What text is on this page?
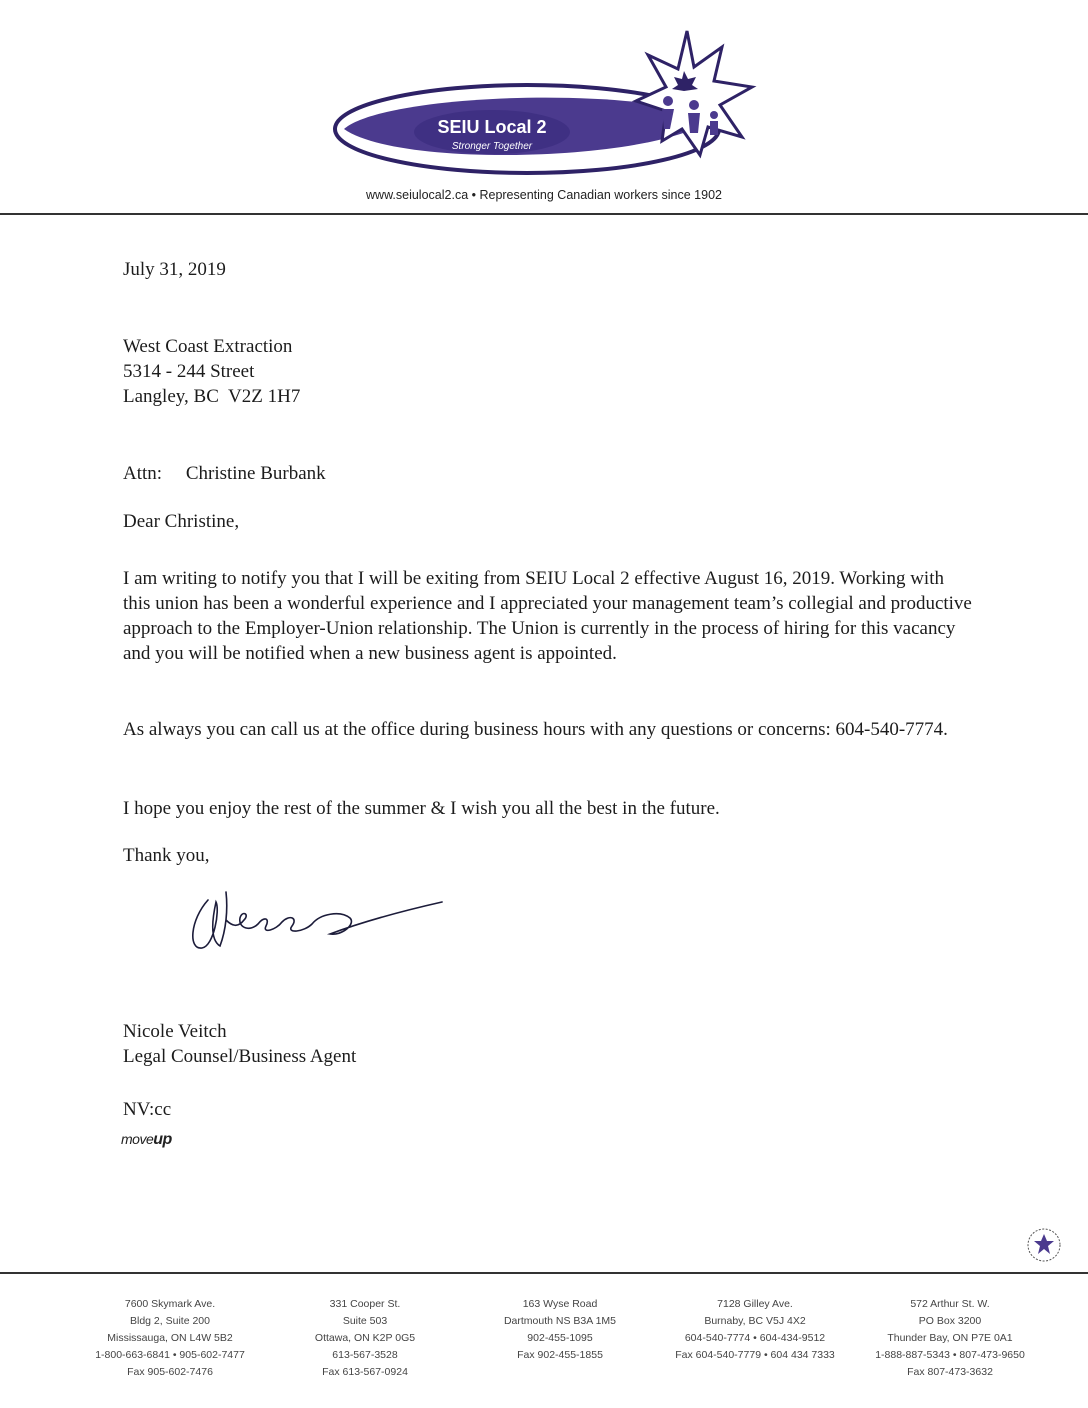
SEIU Local 2
Stronger Together
www.seiulocal2.ca • Representing Canadian workers since 1902
July 31, 2019
West Coast Extraction
5314 - 244 Street
Langley, BC  V2Z 1H7
Attn: Christine Burbank
Dear Christine,
I am writing to notify you that I will be exiting from SEIU Local 2 effective August 16, 2019. Working with this union has been a wonderful experience and I appreciated your management team’s collegial and productive approach to the Employer-Union relationship. The Union is currently in the process of hiring for this vacancy and you will be notified when a new business agent is appointed.
As always you can call us at the office during business hours with any questions or concerns: 604-540-7774.
I hope you enjoy the rest of the summer & I wish you all the best in the future.
Thank you,
Nicole Veitch
Legal Counsel/Business Agent
NV:cc
moveup
7600 Skymark Ave.
Bldg 2, Suite 200
Mississauga, ON L4W 5B2
1-800-663-6841 • 905-602-7477
Fax 905-602-7476
331 Cooper St.
Suite 503
Ottawa, ON K2P 0G5
613-567-3528
Fax 613-567-0924
163 Wyse Road
Dartmouth NS B3A 1M5
902-455-1095
Fax 902-455-1855
7128 Gilley Ave.
Burnaby, BC V5J 4X2
604-540-7774 • 604-434-9512
Fax 604-540-7779 • 604 434 7333
572 Arthur St. W.
PO Box 3200
Thunder Bay, ON P7E 0A1
1-888-887-5343 • 807-473-9650
Fax 807-473-3632
